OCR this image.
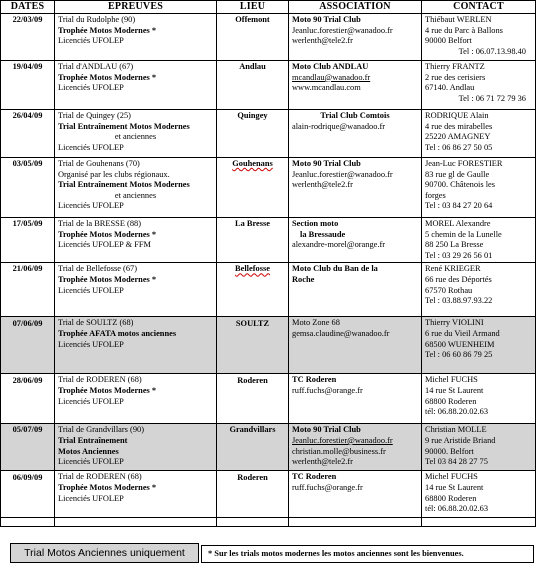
DATES	EPREUVES	LIEU	ASSOCIATION	CONTACT
22/03/09	Trial du Rudolphe (90)
Trophée Motos Modernes *
Licenciés UFOLEP	Offemont	Moto 90 Trial Club
Jeanluc.forestier@wanadoo.fr
werlenth@tele2.fr	Thiébaut WERLEN
4 rue du Parc à Ballons
90000 Belfort
Tel : 06.07.13.98.40

19/04/09	Trial d'ANDLAU (67)
Trophée Motos Modernes *
Licenciés UFOLEP	Andlau	Moto Club ANDLAU
mcandlau@wanadoo.fr
www.mcandlau.com	Thierry FRANTZ
2 rue des cerisiers
67140. Andlau
Tel : 06 71 72 79 36

26/04/09	Trial de Quingey (25)
Trial Entraînement Motos Modernes
et anciennes
Licenciés UFOLEP	Quingey	Trial Club Comtois
alain-rodrique@wanadoo.fr	RODRIQUE Alain
4 rue des mirabelles
25220 AMAGNEY
Tel : 06 86 27 50 05

03/05/09	Trial de Gouhenans (70)
Organisé par les clubs régionaux.
Trial Entraînement Motos Modernes
et anciennes
Licenciés UFOLEP	Gouhenans	Moto 90 Trial Club
Jeanluc.forestier@wanadoo.fr
werlenth@tele2.fr	Jean-Luc FORESTIER
83 rue gl de Gaulle
90700. Châtenois les
forges
Tel : 03 84 27 20 64

17/05/09	Trial de la BRESSE (88)
Trophée Motos Modernes *
Licenciés UFOLEP & FFM	La Bresse	Section moto
la Bressaude
alexandre-morel@orange.fr	MOREL Alexandre
5 chemin de la Lunelle
88 250 La Bresse
Tel : 03 29 26 56 01

21/06/09	Trial de Bellefosse (67)
Trophée Motos Modernes *
Licenciés UFOLEP	Bellefosse	Moto Club du Ban de la
Roche	René KRIEGER
66 rue des Déportés
67570 Rothau
Tel : 03.88.97.93.22

07/06/09	Trial de SOULTZ (68)
Trophée AFATA motos anciennes
Licenciés UFOLEP	SOULTZ	Moto Zone 68
gemsa.claudine@wanadoo.fr	Thierry VIOLINI
6 rue du Vieil Armand
68500 WUENHEIM
Tel : 06 60 86 79 25

28/06/09	Trial de RODEREN (68)
Trophée Motos Modernes *
Licenciés UFOLEP	Roderen	TC Roderen
ruff.fuchs@orange.fr	Michel FUCHS
14 rue St Laurent
68800 Roderen
tél: 06.88.20.02.63

05/07/09	Trial de Grandvillars (90)
Trial Entraînement
Motos Anciennes
Licenciés UFOLEP	Grandvillars	Moto 90 Trial Club
Jeanluc.forestier@wanadoo.fr
christian.molle@business.fr
werlenth@tele2.fr	Christian MOLLE
9 rue Aristide Briand
90000. Belfort
Tel 03 84 28 27 75

06/09/09	Trial de RODEREN (68)
Trophée Motos Modernes *
Licenciés UFOLEP	Roderen	TC Roderen
ruff.fuchs@orange.fr	Michel FUCHS
14 rue St Laurent
68800 Roderen
tél: 06.88.20.02.63

Trial Motos Anciennes uniquement	* Sur les trials motos modernes les motos anciennes sont les bienvenues.
